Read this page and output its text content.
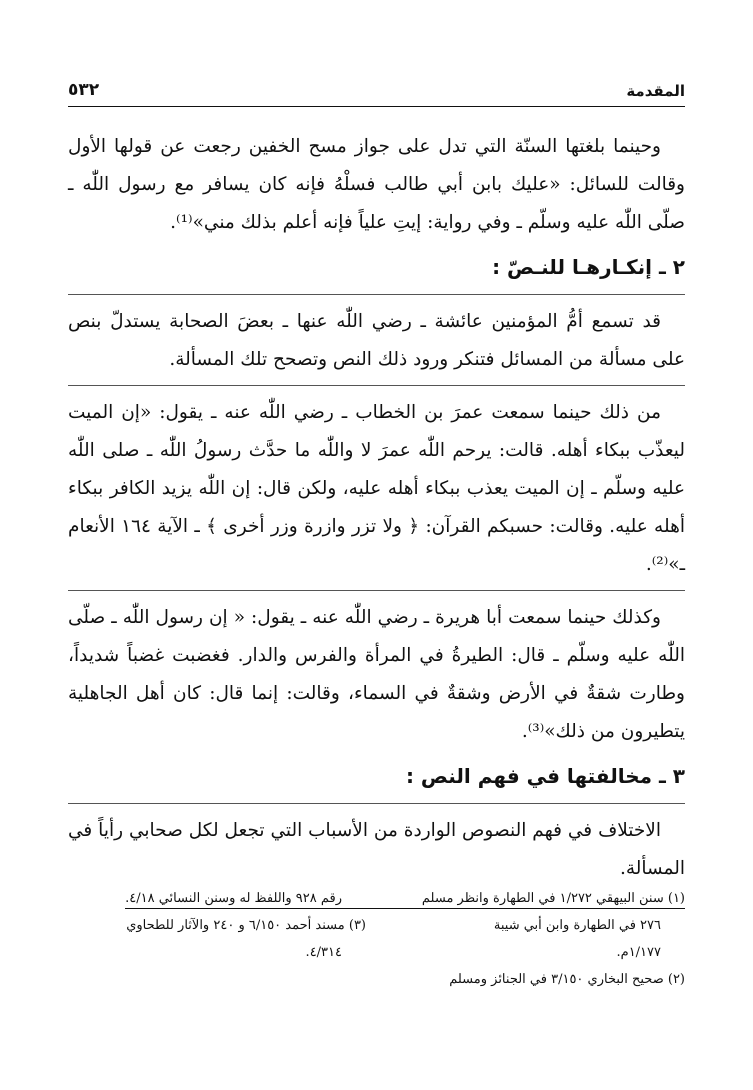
المقدمة
٥٣٢

وحينما بلغتها السنّة التي تدل على جواز مسح الخفين رجعت عن قولها الأول وقالت للسائل: «عليك بابن أبي طالب فسلْهُ فإنه كان يسافر مع رسول اللّٰه ـ صلّى اللّٰه عليه وسلّم ـ وفي رواية: إيتِ علياً فإنه أعلم بذلك مني»⁽¹⁾.

٢ ـ إنكـارهـا للنـصّ :

قد تسمع أمُّ المؤمنين عائشة ـ رضي اللّٰه عنها ـ بعضَ الصحابة يستدلّ بنص على مسألة من المسائل فتنكر ورود ذلك النص وتصحح تلك المسألة.

من ذلك حينما سمعت عمرَ بن الخطاب ـ رضي اللّٰه عنه ـ يقول: «إن الميت ليعذّب ببكاء أهله. قالت: يرحم اللّٰه عمرَ لا واللّٰه ما حدَّث رسولُ اللّٰه ـ صلى اللّٰه عليه وسلّم ـ إن الميت يعذب ببكاء أهله عليه، ولكن قال: إن اللّٰه يزيد الكافر ببكاء أهله عليه. وقالت: حسبكم القرآن: ﴿ ولا تزر وازرة وزر أخرى ﴾ ـ الآية ١٦٤ الأنعام ـ»⁽²⁾.

وكذلك حينما سمعت أبا هريرة ـ رضي اللّٰه عنه ـ يقول: « إن رسول اللّٰه ـ صلّى اللّٰه عليه وسلّم ـ قال: الطيرةُ في المرأة والفرس والدار. فغضبت غضباً شديداً، وطارت شقةٌ في الأرض وشقةٌ في السماء، وقالت: إنما قال: كان أهل الجاهلية يتطيرون من ذلك»⁽³⁾.

٣ ـ مخالفتها في فهم النص :

الاختلاف في فهم النصوص الواردة من الأسباب التي تجعل لكل صحابي رأياً في المسألة.

(١) سنن البيهقي ١/٢٧٢ في الطهارة وانظر مسلم
٢٧٦ في الطهارة وابن أبي شيبة
١/١٧٧م.
(٢) صحيح البخاري ٣/١٥٠ في الجنائز ومسلم
رقم ٩٢٨ واللفظ له وسنن النسائي ٤/١٨.
(٣) مسند أحمد ٦/١٥٠ و ٢٤٠ والآثار للطحاوي
٤/٣١٤.
